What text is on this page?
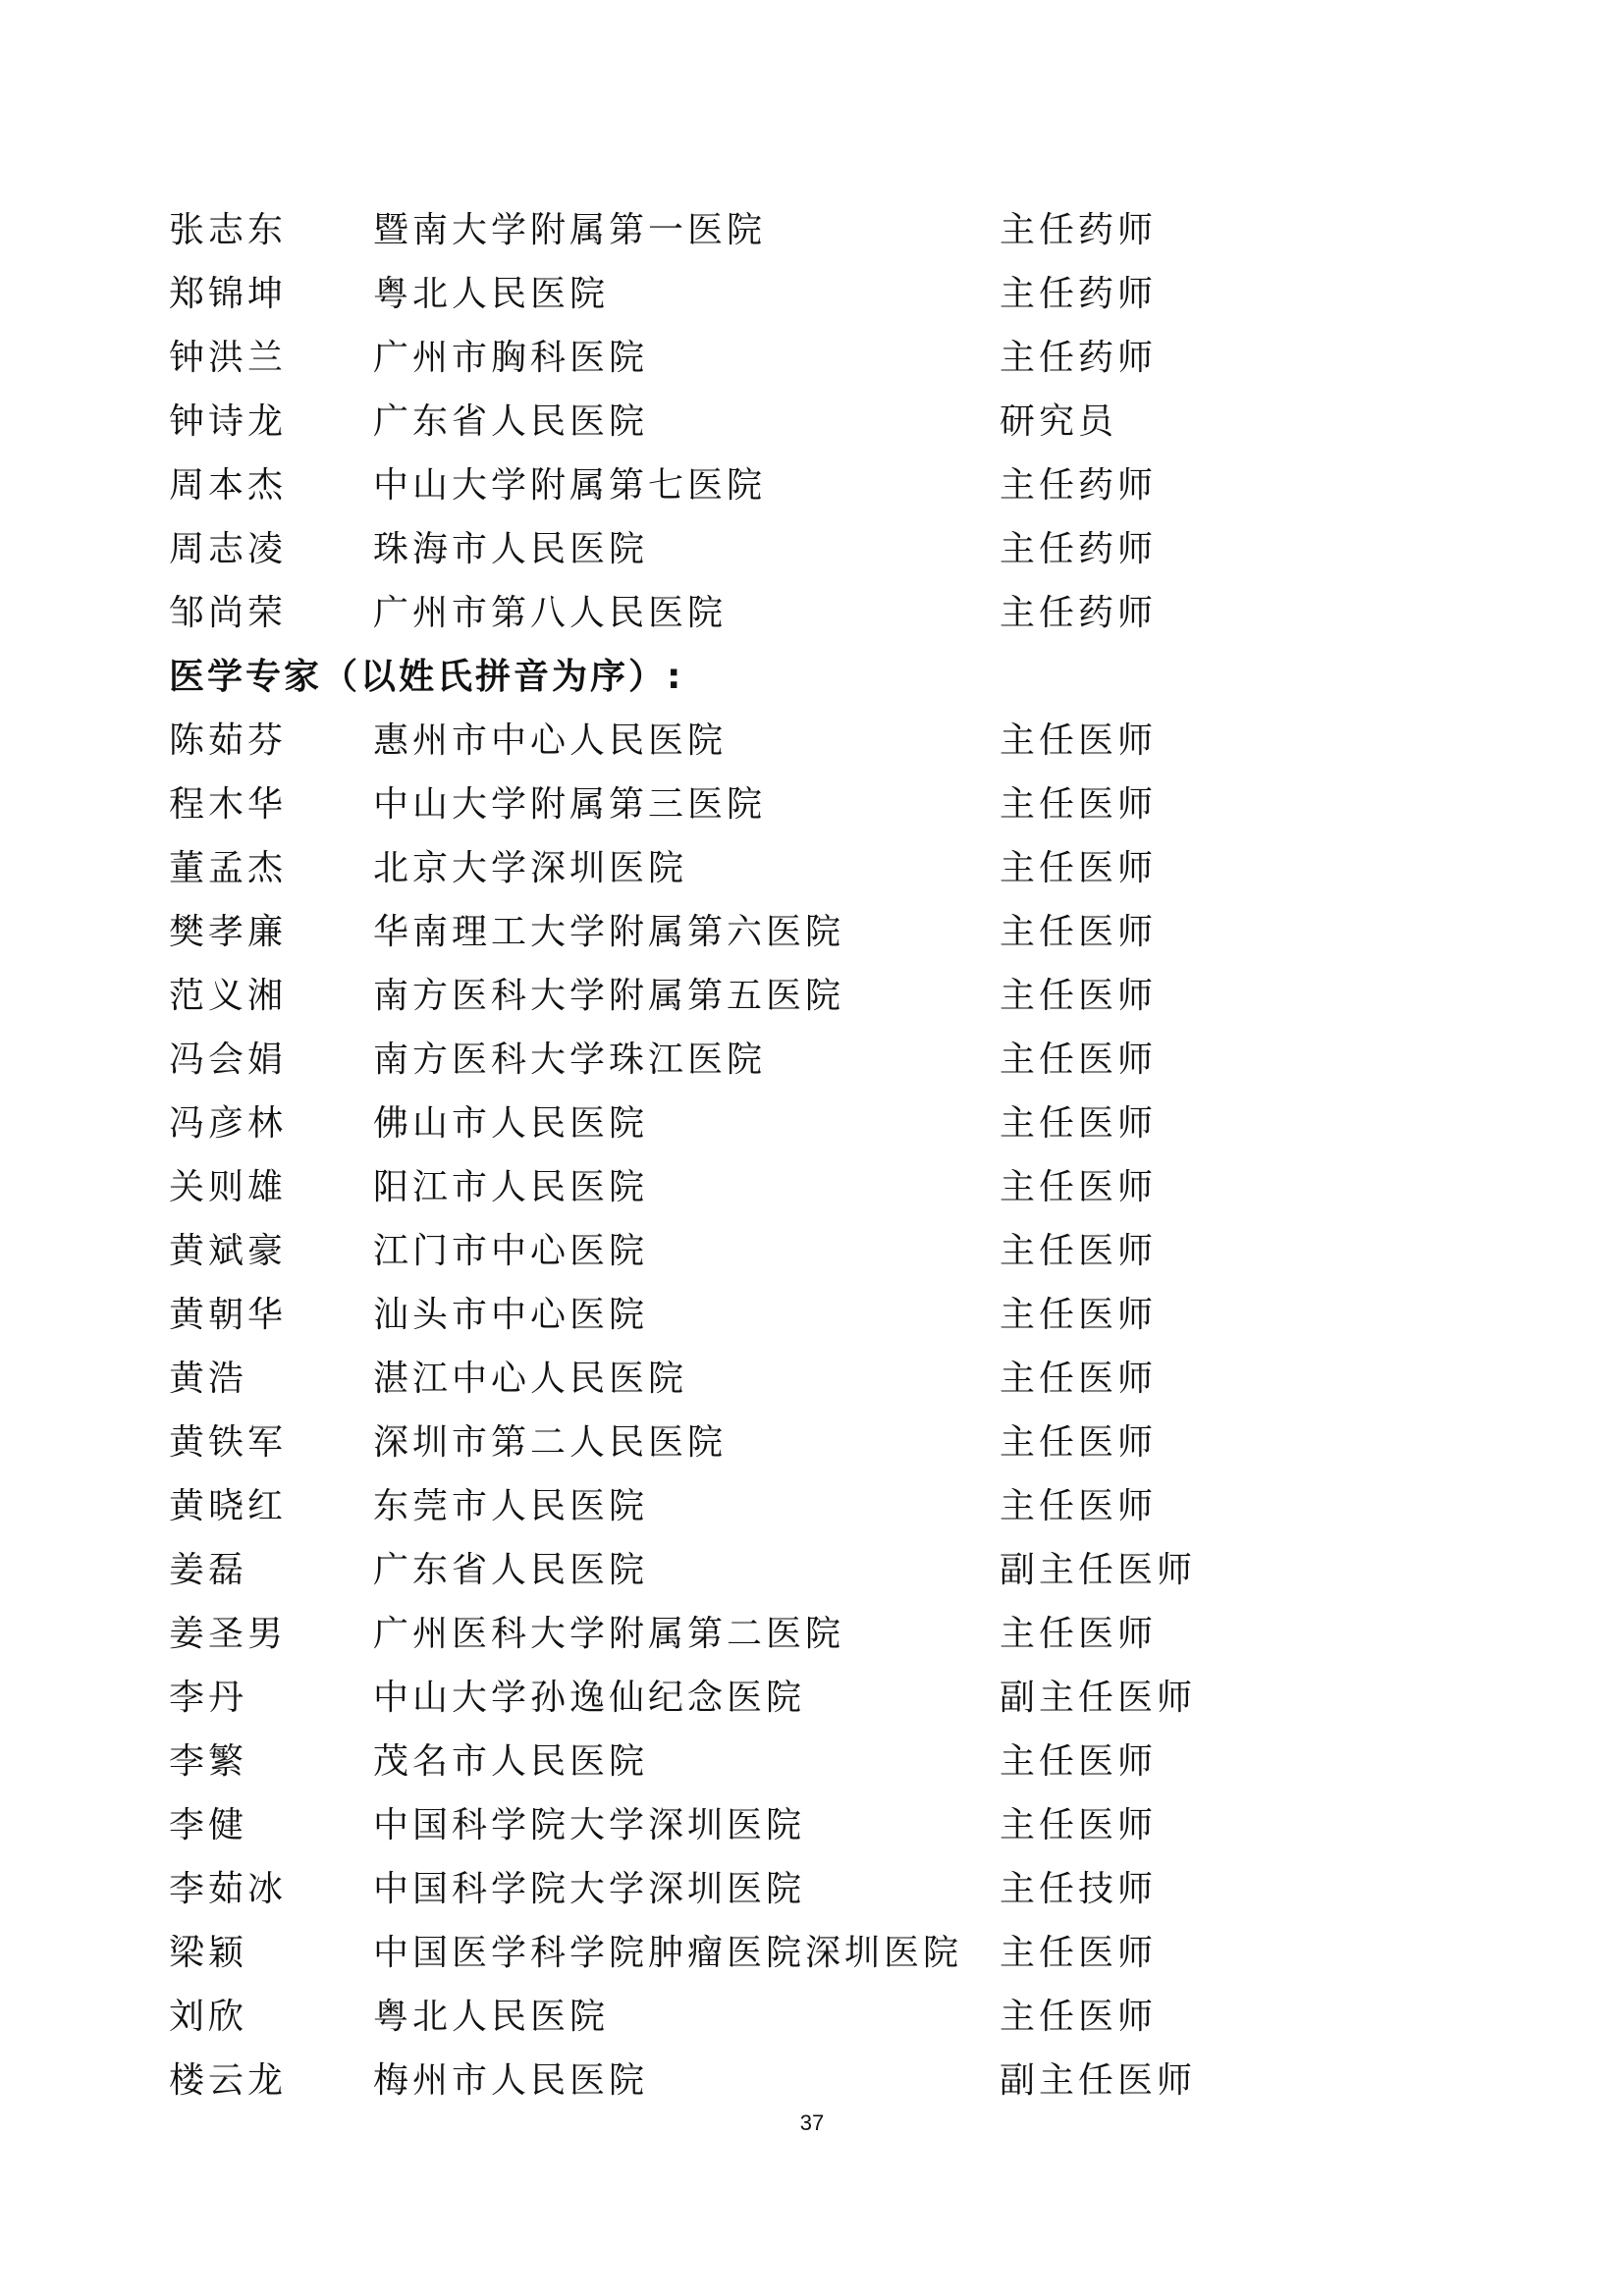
张志东 暨南大学附属第一医院	主任药师
郑锦坤 粤北人民医院	主任药师
钟洪兰 广州市胸科医院	主任药师
钟诗龙 广东省人民医院	研究员
周本杰 中山大学附属第七医院	主任药师
周志凌 珠海市人民医院	主任药师
邹尚荣 广州市第八人民医院	主任药师
医学专家（以姓氏拼音为序）:
陈茹芬 惠州市中心人民医院	主任医师
程木华 中山大学附属第三医院	主任医师
董孟杰 北京大学深圳医院	主任医师
樊孝廉 华南理工大学附属第六医院	主任医师
范义湘 南方医科大学附属第五医院	主任医师
冯会娟 南方医科大学珠江医院	主任医师
冯彦林 佛山市人民医院	主任医师
关则雄 阳江市人民医院	主任医师
黄斌豪 江门市中心医院	主任医师
黄朝华 汕头市中心医院	主任医师
黄浩	湛江中心人民医院	主任医师
黄铁军 深圳市第二人民医院	主任医师
黄晓红 东莞市人民医院	主任医师
姜磊	广东省人民医院	副主任医师
姜圣男 广州医科大学附属第二医院	主任医师
李丹	中山大学孙逸仙纪念医院	副主任医师
李繁	茂名市人民医院	主任医师
李健	中国科学院大学深圳医院	主任医师
李茹冰 中国科学院大学深圳医院	主任技师
梁颖	中国医学科学院肿瘤医院深圳医院 主任医师
刘欣	粤北人民医院	主任医师
楼云龙 梅州市人民医院	副主任医师
37
